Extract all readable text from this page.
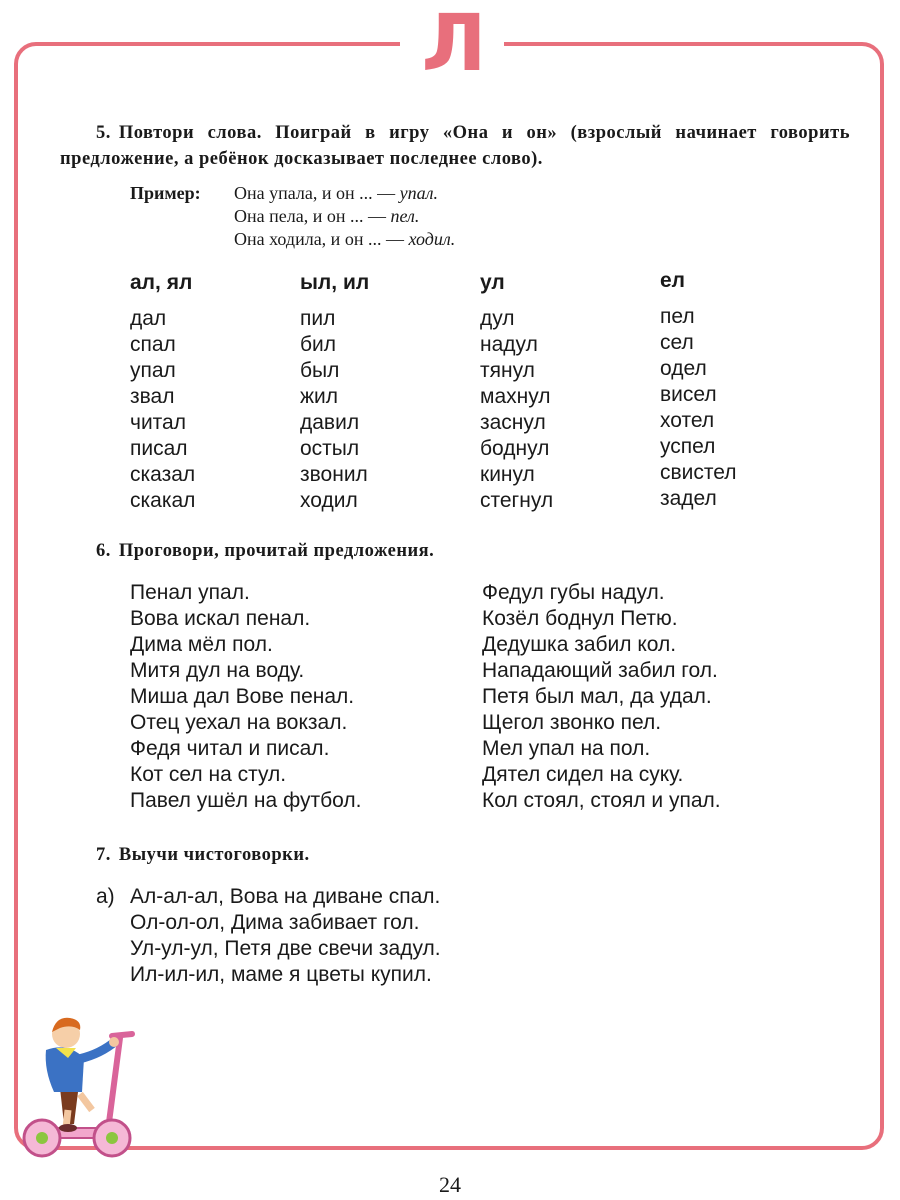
Л
5. Повтори слова. Поиграй в игру «Она и он» (взрослый начинает говорить предложение, а ребёнок досказывает последнее слово).
Пример: Она упала, и он ... — упал.
Она пела, и он ... — пел.
Она ходила, и он ... — ходил.
ал, ял
дал
спал
упал
звал
читал
писал
сказал
скакал
ыл, ил
пил
бил
был
жил
давил
остыл
звонил
ходил
ул
дул
надул
тянул
махнул
заснул
боднул
кинул
стегнул
ел
пел
сел
одел
висел
хотел
успел
свистел
задел
6. Проговори, прочитай предложения.
Пенал упал.
Вова искал пенал.
Дима мёл пол.
Митя дул на воду.
Миша дал Вове пенал.
Отец уехал на вокзал.
Федя читал и писал.
Кот сел на стул.
Павел ушёл на футбол.
Федул губы надул.
Козёл боднул Петю.
Дедушка забил кол.
Нападающий забил гол.
Петя был мал, да удал.
Щегол звонко пел.
Мел упал на пол.
Дятел сидел на суку.
Кол стоял, стоял и упал.
7. Выучи чистоговорки.
а) Ал-ал-ал, Вова на диване спал.
Ол-ол-ол, Дима забивает гол.
Ул-ул-ул, Петя две свечи задул.
Ил-ил-ил, маме я цветы купил.
24
